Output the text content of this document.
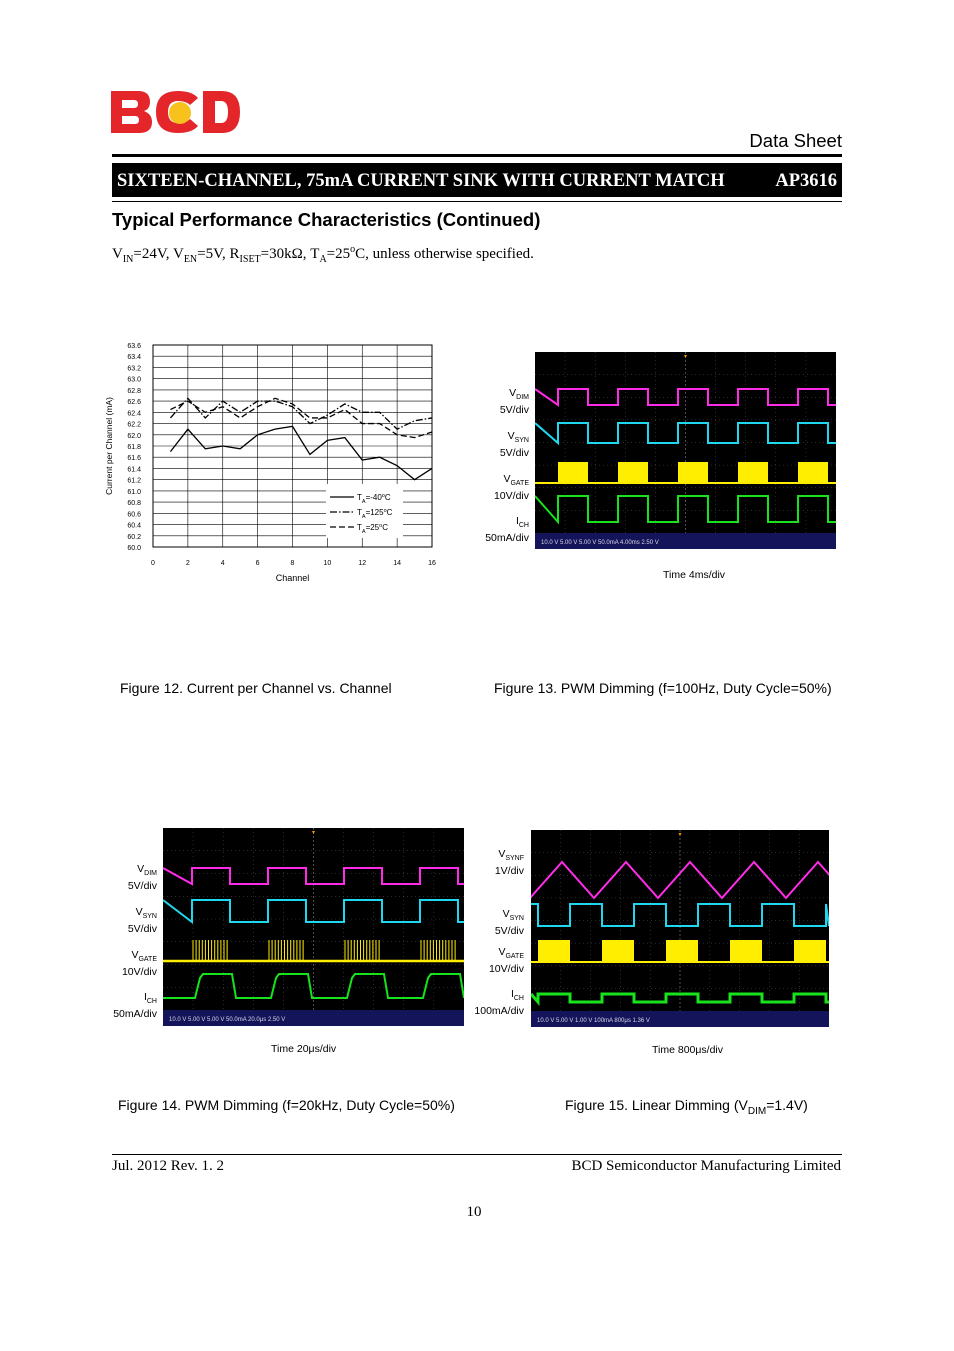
Data Sheet
SIXTEEN-CHANNEL, 75mA CURRENT SINK WITH CURRENT MATCH	AP3616
Typical Performance Characteristics (Continued)
$V_{IN}=24V$, $V_{EN}=5V$, $R_{ISET}=30k\Omega$, $T_A=25^oC$, unless otherwise specified.
60.0
60.2
60.4
60.6
60.8
61.0
61.2
61.4
61.6
61.8
62.0
62.2
62.4
62.6
62.8
63.0
63.2
63.4
63.6
0	2	4	6	8	10	12	14	16
Channel
Current per Channel (mA)
$T_A=-40^oC$
$T_A=125^oC$
$T_A=25^oC$
Figure 12. Current per Channel vs. Channel
$V_{DIM}$
5V/div
$V_{SYN}$
5V/div
$V_{GATE}$
10V/div
$I_{CH}$
50mA/div 10.0 V 5.00 V 5.00 V 50.0mA 4.00ms 2.50 V
▾
Time 4ms/div
Figure 13. PWM Dimming (f=100Hz, Duty Cycle=50%)
$V_{DIM}$
5V/div
$V_{SYN}$
5V/div
$V_{GATE}$
10V/div
$I_{CH}$
50mA/div 10.0 V 5.00 V 5.00 V 50.0mA 20.0μs 2.50 V
▾
Time 20μs/div
Figure 14. PWM Dimming (f=20kHz, Duty Cycle=50%)
$V_{SYNF}$
1V/div
$V_{SYN}$
5V/div
$V_{GATE}$
10V/div
$I_{CH}$
100mA/div
10.0 V 5.00 V 1.00 V 100mA 800μs 1.36 V
▾
Time 800μs/div
Figure 15. Linear Dimming $(V_{DIM}=1.4V)$
Jul. 2012 Rev. 1. 2	BCD Semiconductor Manufacturing Limited
10
